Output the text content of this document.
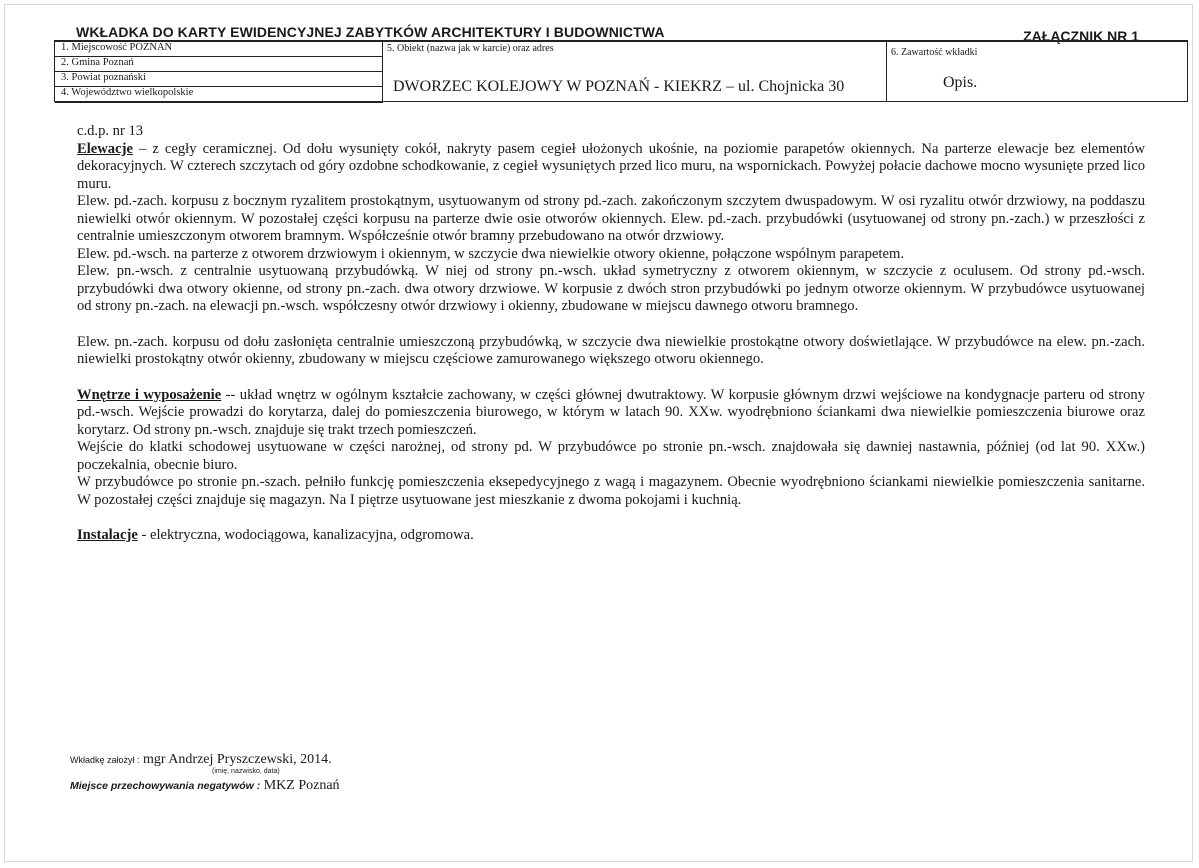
WKŁADKA DO KARTY EWIDENCYJNEJ ZABYTKÓW ARCHITEKTURY I BUDOWNICTWA	ZAŁĄCZNIK NR 1
1. Miejscowość POZNAŃ
2. Gmina Poznań
3. Powiat poznański
4. Województwo wielkopolskie
5. Obiekt (nazwa jak w karcie) oraz adres
DWORZEC KOLEJOWY W POZNAŃ - KIEKRZ – ul. Chojnicka 30
6. Zawartość wkładki
Opis.

c.d.p. nr 13

Elewacje – z cegły ceramicznej. Od dołu wysunięty cokół, nakryty pasem cegieł ułożonych ukośnie, na poziomie parapetów okiennych. Na parterze elewacje bez elementów dekoracyjnych. W czterech szczytach od góry ozdobne schodkowanie, z cegieł wysuniętych przed lico muru, na wspornickach. Powyżej połacie dachowe mocno wysunięte przed lico muru.

Elew. pd.-zach. korpusu z bocznym ryzalitem prostokątnym, usytuowanym od strony pd.-zach. zakończonym szczytem dwuspadowym. W osi ryzalitu otwór drzwiowy, na poddaszu niewielki otwór okiennym. W pozostałej części korpusu na parterze dwie osie otworów okiennych. Elew. pd.-zach. przybudówki (usytuowanej od strony pn.-zach.) w przeszłości z centralnie umieszczonym otworem bramnym. Współcześnie otwór bramny przebudowano na otwór drzwiowy.

Elew. pd.-wsch. na parterze z otworem drzwiowym i okiennym, w szczycie dwa niewielkie otwory okienne, połączone wspólnym parapetem.

Elew. pn.-wsch. z centralnie usytuowaną przybudówką. W niej od strony pn.-wsch. układ symetryczny z otworem okiennym, w szczycie z oculusem. Od strony pd.-wsch. przybudówki dwa otwory okienne, od strony pn.-zach. dwa otwory drzwiowe. W korpusie z dwóch stron przybudówki po jednym otworze okiennym. W przybudówce usytuowanej od strony pn.-zach. na elewacji pn.-wsch. współczesny otwór drzwiowy i okienny, zbudowane w miejscu dawnego otworu bramnego.

Elew. pn.-zach. korpusu od dołu zasłonięta centralnie umieszczoną przybudówką, w szczycie dwa niewielkie prostokątne otwory doświetlające. W przybudówce na elew. pn.-zach. niewielki prostokątny otwór okienny, zbudowany w miejscu częściowe zamurowanego większego otworu okiennego.

Wnętrze i wyposażenie -- układ wnętrz w ogólnym kształcie zachowany, w części głównej dwutraktowy. W korpusie głównym drzwi wejściowe na kondygnacje parteru od strony pd.-wsch. Wejście prowadzi do korytarza, dalej do pomieszczenia biurowego, w którym w latach 90. XXw. wyodrębniono ściankami dwa niewielkie pomieszczenia biurowe oraz korytarz. Od strony pn.-wsch. znajduje się trakt trzech pomieszczeń.

Wejście do klatki schodowej usytuowane w części narożnej, od strony pd. W przybudówce po stronie pn.-wsch. znajdowała się dawniej nastawnia, później (od lat 90. XXw.) poczekalnia, obecnie biuro.

W przybudówce po stronie pn.-szach. pełniło funkcję pomieszczenia eksepedycyjnego z wagą i magazynem. Obecnie wyodrębniono ściankami niewielkie pomieszczenia sanitarne. W pozostałej części znajduje się magazyn. Na I piętrze usytuowane jest mieszkanie z dwoma pokojami i kuchnią.

Instalacje - elektryczna, wodociągowa, kanalizacyjna, odgromowa.

Wkładkę założył : mgr Andrzej Pryszczewski, 2014.
(imię, nazwisko, data)
Miejsce przechowywania negatywów : MKZ Poznań
